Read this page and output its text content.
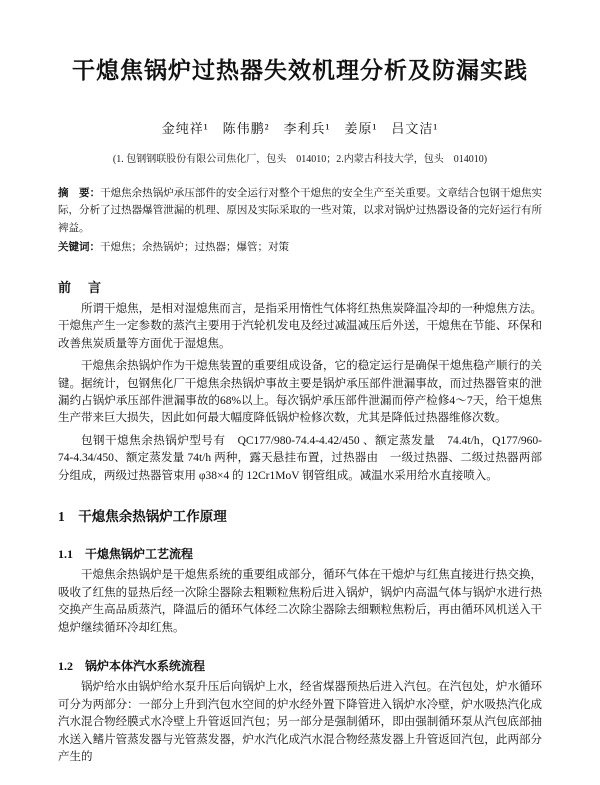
干熄焦锅炉过热器失效机理分析及防漏实践
金纯祥¹　陈伟鹏²　李利兵¹　姜原¹　吕文洁¹
(1. 包钢钢联股份有限公司焦化厂，包头　014010；2.内蒙古科技大学，包头　014010)
摘　要：干熄焦余热锅炉承压部件的安全运行对整个干熄焦的安全生产至关重要。文章结合包钢干熄焦实际，分析了过热器爆管泄漏的机理、原因及实际采取的一些对策，以求对锅炉过热器设备的完好运行有所裨益。
关键词：干熄焦；余热锅炉；过热器；爆管；对策
前　言

所谓干熄焦，是相对湿熄焦而言，是指采用惰性气体将红热焦炭降温冷却的一种熄焦方法。干熄焦产生一定参数的蒸汽主要用于汽轮机发电及经过减温减压后外送，干熄焦在节能、环保和改善焦炭质量等方面优于湿熄焦。

干熄焦余热锅炉作为干熄焦装置的重要组成设备，它的稳定运行是确保干熄焦稳产顺行的关键。据统计，包钢焦化厂干熄焦余热锅炉事故主要是锅炉承压部件泄漏事故，而过热器管束的泄漏约占锅炉承压部件泄漏事故的68%以上。每次锅炉承压部件泄漏而停产检修4～7天，给干熄焦生产带来巨大损失，因此如何最大幅度降低锅炉检修次数，尤其是降低过热器维修次数。

包钢干熄焦余热锅炉型号有　QC177/980-74.4-4.42/450 、额定蒸发量　74.4t/h，Q177/960-74-4.34/450、额定蒸发量 74t/h 两种，露天悬挂布置，过热器由　一级过热器、二级过热器两部分组成，两级过热器管束用 φ38×4 的 12Cr1MoV 钢管组成。减温水采用给水直接喷入。

1　干熄焦余热锅炉工作原理
1.1　干熄焦锅炉工艺流程

干熄焦余热锅炉是干熄焦系统的重要组成部分，循环气体在干熄炉与红焦直接进行热交换，吸收了红焦的显热后经一次除尘器除去粗颗粒焦粉后进入锅炉，锅炉内高温气体与锅炉水进行热交换产生高品质蒸汽，降温后的循环气体经二次除尘器除去细颗粒焦粉后，再由循环风机送入干熄炉继续循环冷却红焦。

1.2　锅炉本体汽水系统流程

锅炉给水由锅炉给水泵升压后向锅炉上水，经省煤器预热后进入汽包。在汽包处，炉水循环可分为两部分：一部分上升到汽包水空间的炉水经外置下降管进入锅炉水冷壁，炉水吸热汽化成汽水混合物经膜式水冷壁上升管返回汽包；另一部分是强制循环，即由强制循环泵从汽包底部抽水送入鳍片管蒸发器与光管蒸发器，炉水汽化成汽水混合物经蒸发器上升管返回汽包，此两部分产生的
